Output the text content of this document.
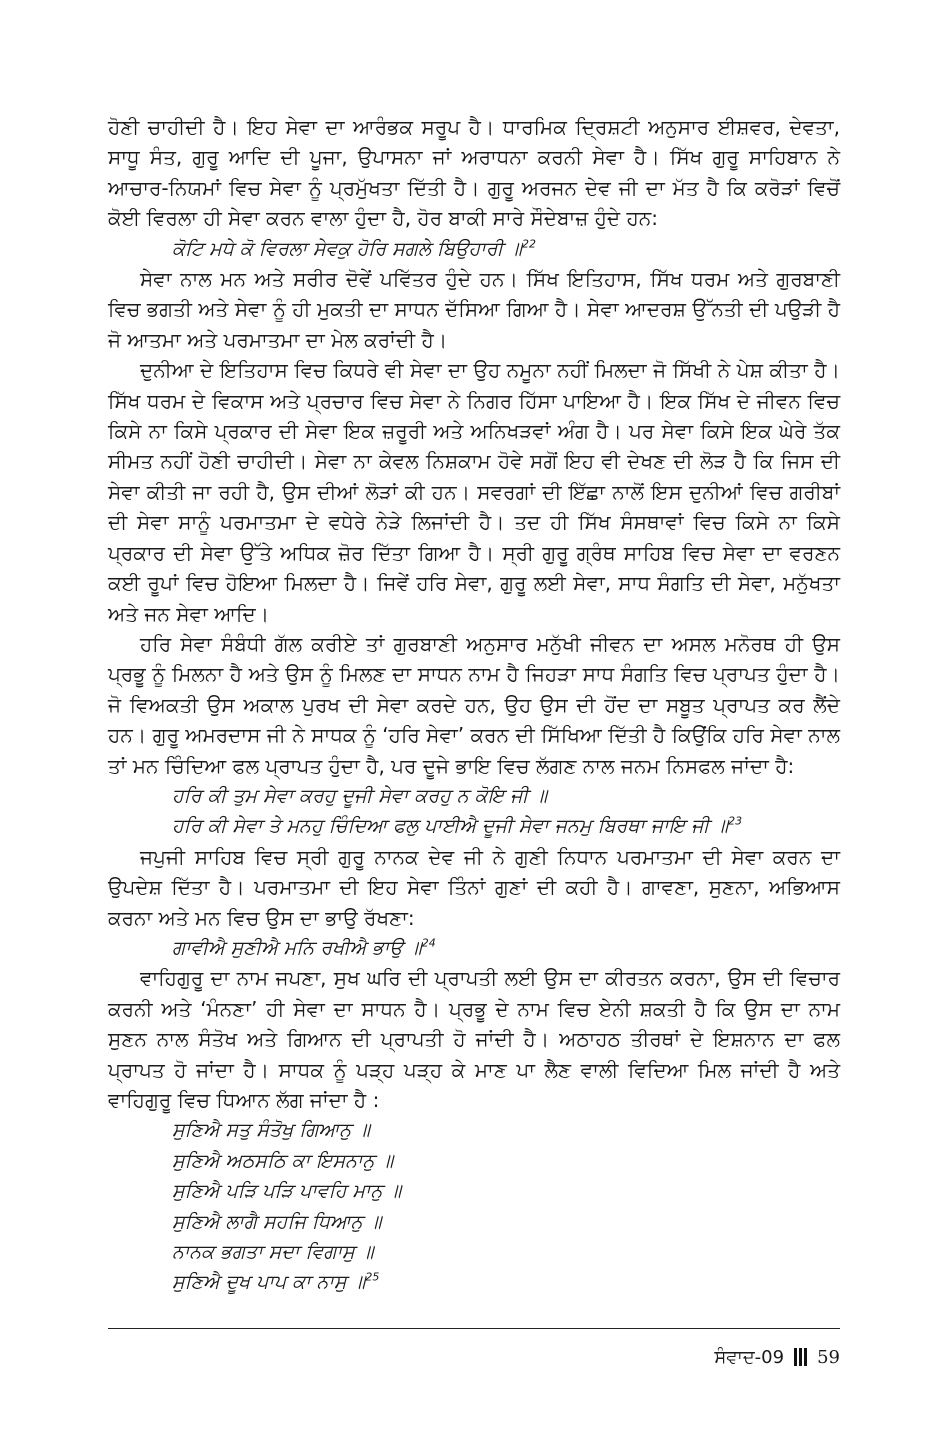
ਹੋਣੀ ਚਾਹੀਦੀ ਹੈ। ਇਹ ਸੇਵਾ ਦਾ ਆਰੰਭਕ ਸਰੂਪ ਹੈ। ਧਾਰਮਿਕ ਦ੍ਰਿਸ਼ਟੀ ਅਨੁਸਾਰ ਈਸ਼ਵਰ, ਦੇਵਤਾ, ਸਾਧੂ ਸੰਤ, ਗੁਰੂ ਆਦਿ ਦੀ ਪੂਜਾ, ਉਪਾਸਨਾ ਜਾਂ ਅਰਾਧਨਾ ਕਰਨੀ ਸੇਵਾ ਹੈ। ਸਿੱਖ ਗੁਰੂ ਸਾਹਿਬਾਨ ਨੇ ਆਚਾਰ-ਨਿਯਮਾਂ ਵਿਚ ਸੇਵਾ ਨੂੰ ਪ੍ਰਮੁੱਖਤਾ ਦਿੱਤੀ ਹੈ। ਗੁਰੂ ਅਰਜਨ ਦੇਵ ਜੀ ਦਾ ਮੱਤ ਹੈ ਕਿ ਕਰੋੜਾਂ ਵਿਚੋਂ ਕੋਈ ਵਿਰਲਾ ਹੀ ਸੇਵਾ ਕਰਨ ਵਾਲਾ ਹੁੰਦਾ ਹੈ, ਹੋਰ ਬਾਕੀ ਸਾਰੇ ਸੌਦੇਬਾਜ਼ ਹੁੰਦੇ ਹਨ:

ਕੋਟਿ ਮਧੇ ਕੋ ਵਿਰਲਾ ਸੇਵਕੁ ਹੋਰਿ ਸਗਲੇ ਬਿਉਹਾਰੀ ॥$^{22}$

ਸੇਵਾ ਨਾਲ ਮਨ ਅਤੇ ਸਰੀਰ ਦੋਵੇਂ ਪਵਿੱਤਰ ਹੁੰਦੇ ਹਨ। ਸਿੱਖ ਇਤਿਹਾਸ, ਸਿੱਖ ਧਰਮ ਅਤੇ ਗੁਰਬਾਣੀ ਵਿਚ ਭਗਤੀ ਅਤੇ ਸੇਵਾ ਨੂੰ ਹੀ ਮੁਕਤੀ ਦਾ ਸਾਧਨ ਦੱਸਿਆ ਗਿਆ ਹੈ। ਸੇਵਾ ਆਦਰਸ਼ ਉੱਨਤੀ ਦੀ ਪਉੜੀ ਹੈ ਜੋ ਆਤਮਾ ਅਤੇ ਪਰਮਾਤਮਾ ਦਾ ਮੇਲ ਕਰਾਂਦੀ ਹੈ।

ਦੁਨੀਆ ਦੇ ਇਤਿਹਾਸ ਵਿਚ ਕਿਧਰੇ ਵੀ ਸੇਵਾ ਦਾ ਉਹ ਨਮੂਨਾ ਨਹੀਂ ਮਿਲਦਾ ਜੋ ਸਿੱਖੀ ਨੇ ਪੇਸ਼ ਕੀਤਾ ਹੈ। ਸਿੱਖ ਧਰਮ ਦੇ ਵਿਕਾਸ ਅਤੇ ਪ੍ਰਚਾਰ ਵਿਚ ਸੇਵਾ ਨੇ ਨਿਗਰ ਹਿੱਸਾ ਪਾਇਆ ਹੈ। ਇਕ ਸਿੱਖ ਦੇ ਜੀਵਨ ਵਿਚ ਕਿਸੇ ਨਾ ਕਿਸੇ ਪ੍ਰਕਾਰ ਦੀ ਸੇਵਾ ਇਕ ਜ਼ਰੂਰੀ ਅਤੇ ਅਨਿਖੜਵਾਂ ਅੰਗ ਹੈ। ਪਰ ਸੇਵਾ ਕਿਸੇ ਇਕ ਘੇਰੇ ਤੱਕ ਸੀਮਤ ਨਹੀਂ ਹੋਣੀ ਚਾਹੀਦੀ। ਸੇਵਾ ਨਾ ਕੇਵਲ ਨਿਸ਼ਕਾਮ ਹੋਵੇ ਸਗੋਂ ਇਹ ਵੀ ਦੇਖਣ ਦੀ ਲੋੜ ਹੈ ਕਿ ਜਿਸ ਦੀ ਸੇਵਾ ਕੀਤੀ ਜਾ ਰਹੀ ਹੈ, ਉਸ ਦੀਆਂ ਲੋੜਾਂ ਕੀ ਹਨ। ਸਵਰਗਾਂ ਦੀ ਇੱਛਾ ਨਾਲੋਂ ਇਸ ਦੁਨੀਆਂ ਵਿਚ ਗਰੀਬਾਂ ਦੀ ਸੇਵਾ ਸਾਨੂੰ ਪਰਮਾਤਮਾ ਦੇ ਵਧੇਰੇ ਨੇੜੇ ਲਿਜਾਂਦੀ ਹੈ। ਤਦ ਹੀ ਸਿੱਖ ਸੰਸਥਾਵਾਂ ਵਿਚ ਕਿਸੇ ਨਾ ਕਿਸੇ ਪ੍ਰਕਾਰ ਦੀ ਸੇਵਾ ਉੱਤੇ ਅਧਿਕ ਜ਼ੋਰ ਦਿੱਤਾ ਗਿਆ ਹੈ। ਸ੍ਰੀ ਗੁਰੂ ਗ੍ਰੰਥ ਸਾਹਿਬ ਵਿਚ ਸੇਵਾ ਦਾ ਵਰਣਨ ਕਈ ਰੂਪਾਂ ਵਿਚ ਹੋਇਆ ਮਿਲਦਾ ਹੈ। ਜਿਵੇਂ ਹਰਿ ਸੇਵਾ, ਗੁਰੂ ਲਈ ਸੇਵਾ, ਸਾਧ ਸੰਗਤਿ ਦੀ ਸੇਵਾ, ਮਨੁੱਖਤਾ ਅਤੇ ਜਨ ਸੇਵਾ ਆਦਿ।

ਹਰਿ ਸੇਵਾ ਸੰਬੰਧੀ ਗੱਲ ਕਰੀਏ ਤਾਂ ਗੁਰਬਾਣੀ ਅਨੁਸਾਰ ਮਨੁੱਖੀ ਜੀਵਨ ਦਾ ਅਸਲ ਮਨੋਰਥ ਹੀ ਉਸ ਪ੍ਰਭੂ ਨੂੰ ਮਿਲਨਾ ਹੈ ਅਤੇ ਉਸ ਨੂੰ ਮਿਲਣ ਦਾ ਸਾਧਨ ਨਾਮ ਹੈ ਜਿਹੜਾ ਸਾਧ ਸੰਗਤਿ ਵਿਚ ਪ੍ਰਾਪਤ ਹੁੰਦਾ ਹੈ। ਜੋ ਵਿਅਕਤੀ ਉਸ ਅਕਾਲ ਪੁਰਖ ਦੀ ਸੇਵਾ ਕਰਦੇ ਹਨ, ਉਹ ਉਸ ਦੀ ਹੋਂਦ ਦਾ ਸਬੂਤ ਪ੍ਰਾਪਤ ਕਰ ਲੈਂਦੇ ਹਨ। ਗੁਰੂ ਅਮਰਦਾਸ ਜੀ ਨੇ ਸਾਧਕ ਨੂੰ ‘ਹਰਿ ਸੇਵਾ’ ਕਰਨ ਦੀ ਸਿੱਖਿਆ ਦਿੱਤੀ ਹੈ ਕਿਉਂਕਿ ਹਰਿ ਸੇਵਾ ਨਾਲ ਤਾਂ ਮਨ ਚਿੰਦਿਆ ਫਲ ਪ੍ਰਾਪਤ ਹੁੰਦਾ ਹੈ, ਪਰ ਦੂਜੇ ਭਾਇ ਵਿਚ ਲੱਗਣ ਨਾਲ ਜਨਮ ਨਿਸਫਲ ਜਾਂਦਾ ਹੈ:

ਹਰਿ ਕੀ ਤੁਮ ਸੇਵਾ ਕਰਹੁ ਦੂਜੀ ਸੇਵਾ ਕਰਹੁ ਨ ਕੋਇ ਜੀ ॥
ਹਰਿ ਕੀ ਸੇਵਾ ਤੇ ਮਨਹੁ ਚਿੰਦਿਆ ਫਲੁ ਪਾਈਐ ਦੂਜੀ ਸੇਵਾ ਜਨਮੁ ਬਿਰਥਾ ਜਾਇ ਜੀ ॥$^{23}$

ਜਪੁਜੀ ਸਾਹਿਬ ਵਿਚ ਸ੍ਰੀ ਗੁਰੂ ਨਾਨਕ ਦੇਵ ਜੀ ਨੇ ਗੁਣੀ ਨਿਧਾਨ ਪਰਮਾਤਮਾ ਦੀ ਸੇਵਾ ਕਰਨ ਦਾ ਉਪਦੇਸ਼ ਦਿੱਤਾ ਹੈ। ਪਰਮਾਤਮਾ ਦੀ ਇਹ ਸੇਵਾ ਤਿੰਨਾਂ ਗੁਣਾਂ ਦੀ ਕਹੀ ਹੈ। ਗਾਵਣਾ, ਸੁਣਨਾ, ਅਭਿਆਸ ਕਰਨਾ ਅਤੇ ਮਨ ਵਿਚ ਉਸ ਦਾ ਭਾਉ ਰੱਖਣਾ:

ਗਾਵੀਐ ਸੁਣੀਐ ਮਨਿ ਰਖੀਐ ਭਾਉ ॥$^{24}$

ਵਾਹਿਗੁਰੂ ਦਾ ਨਾਮ ਜਪਣਾ, ਸੁਖ ਘਰਿ ਦੀ ਪ੍ਰਾਪਤੀ ਲਈ ਉਸ ਦਾ ਕੀਰਤਨ ਕਰਨਾ, ਉਸ ਦੀ ਵਿਚਾਰ ਕਰਨੀ ਅਤੇ ‘ਮੰਨਣਾ’ ਹੀ ਸੇਵਾ ਦਾ ਸਾਧਨ ਹੈ। ਪ੍ਰਭੂ ਦੇ ਨਾਮ ਵਿਚ ਏਨੀ ਸ਼ਕਤੀ ਹੈ ਕਿ ਉਸ ਦਾ ਨਾਮ ਸੁਣਨ ਨਾਲ ਸੰਤੋਖ ਅਤੇ ਗਿਆਨ ਦੀ ਪ੍ਰਾਪਤੀ ਹੋ ਜਾਂਦੀ ਹੈ। ਅਠਾਹਠ ਤੀਰਥਾਂ ਦੇ ਇਸ਼ਨਾਨ ਦਾ ਫਲ ਪ੍ਰਾਪਤ ਹੋ ਜਾਂਦਾ ਹੈ। ਸਾਧਕ ਨੂੰ ਪੜ੍ਹ ਪੜ੍ਹ ਕੇ ਮਾਣ ਪਾ ਲੈਣ ਵਾਲੀ ਵਿਦਿਆ ਮਿਲ ਜਾਂਦੀ ਹੈ ਅਤੇ ਵਾਹਿਗੁਰੂ ਵਿਚ ਧਿਆਨ ਲੱਗ ਜਾਂਦਾ ਹੈ :

ਸੁਣਿਐ ਸਤੁ ਸੰਤੋਖੁ ਗਿਆਨੁ ॥
ਸੁਣਿਐ ਅਠਸਠਿ ਕਾ ਇਸਨਾਨੁ ॥
ਸੁਣਿਐ ਪੜਿ ਪੜਿ ਪਾਵਹਿ ਮਾਨੁ ॥
ਸੁਣਿਐ ਲਾਗੈ ਸਹਜਿ ਧਿਆਨੁ ॥
ਨਾਨਕ ਭਗਤਾ ਸਦਾ ਵਿਗਾਸੁ ॥
ਸੁਣਿਐ ਦੂਖ ਪਾਪ ਕਾ ਨਾਸੁ ॥$^{25}$
ਸੰਵਾਦ-09 59
